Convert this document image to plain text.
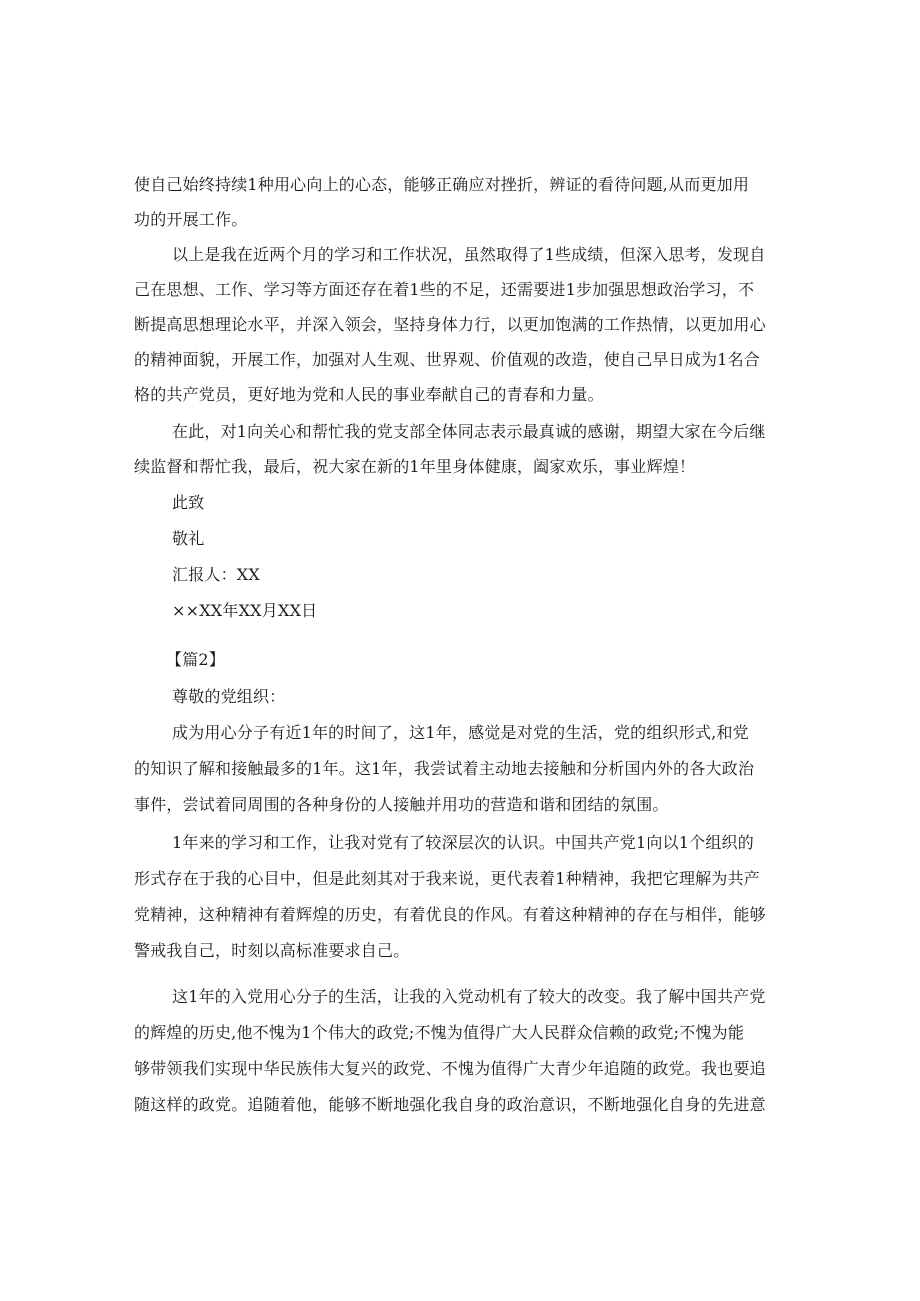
使自己始终持续1种用心向上的心态，能够正确应对挫折，辨证的看待问题,从而更加用
功的开展工作。
以上是我在近两个月的学习和工作状况，虽然取得了1些成绩，但深入思考，发现自
己在思想、工作、学习等方面还存在着1些的不足，还需要进1步加强思想政治学习，不
断提高思想理论水平，并深入领会，坚持身体力行，以更加饱满的工作热情，以更加用心
的精神面貌，开展工作，加强对人生观、世界观、价值观的改造，使自己早日成为1名合
格的共产党员，更好地为党和人民的事业奉献自己的青春和力量。
在此，对1向关心和帮忙我的党支部全体同志表示最真诚的感谢，期望大家在今后继
续监督和帮忙我，最后，祝大家在新的1年里身体健康，阖家欢乐，事业辉煌！
此致
敬礼
汇报人：XX
××XX年XX月XX日
【篇2】
尊敬的党组织：
成为用心分子有近1年的时间了，这1年，感觉是对党的生活，党的组织形式,和党
的知识了解和接触最多的1年。这1年，我尝试着主动地去接触和分析国内外的各大政治
事件，尝试着同周围的各种身份的人接触并用功的营造和谐和团结的氛围。
1年来的学习和工作，让我对党有了较深层次的认识。中国共产党1向以1个组织的
形式存在于我的心目中，但是此刻其对于我来说，更代表着1种精神，我把它理解为共产
党精神，这种精神有着辉煌的历史，有着优良的作风。有着这种精神的存在与相伴，能够
警戒我自己，时刻以高标准要求自己。
这1年的入党用心分子的生活，让我的入党动机有了较大的改变。我了解中国共产党
的辉煌的历史,他不愧为1个伟大的政党;不愧为值得广大人民群众信赖的政党;不愧为能
够带领我们实现中华民族伟大复兴的政党、不愧为值得广大青少年追随的政党。我也要追
随这样的政党。追随着他，能够不断地强化我自身的政治意识，不断地强化自身的先进意
